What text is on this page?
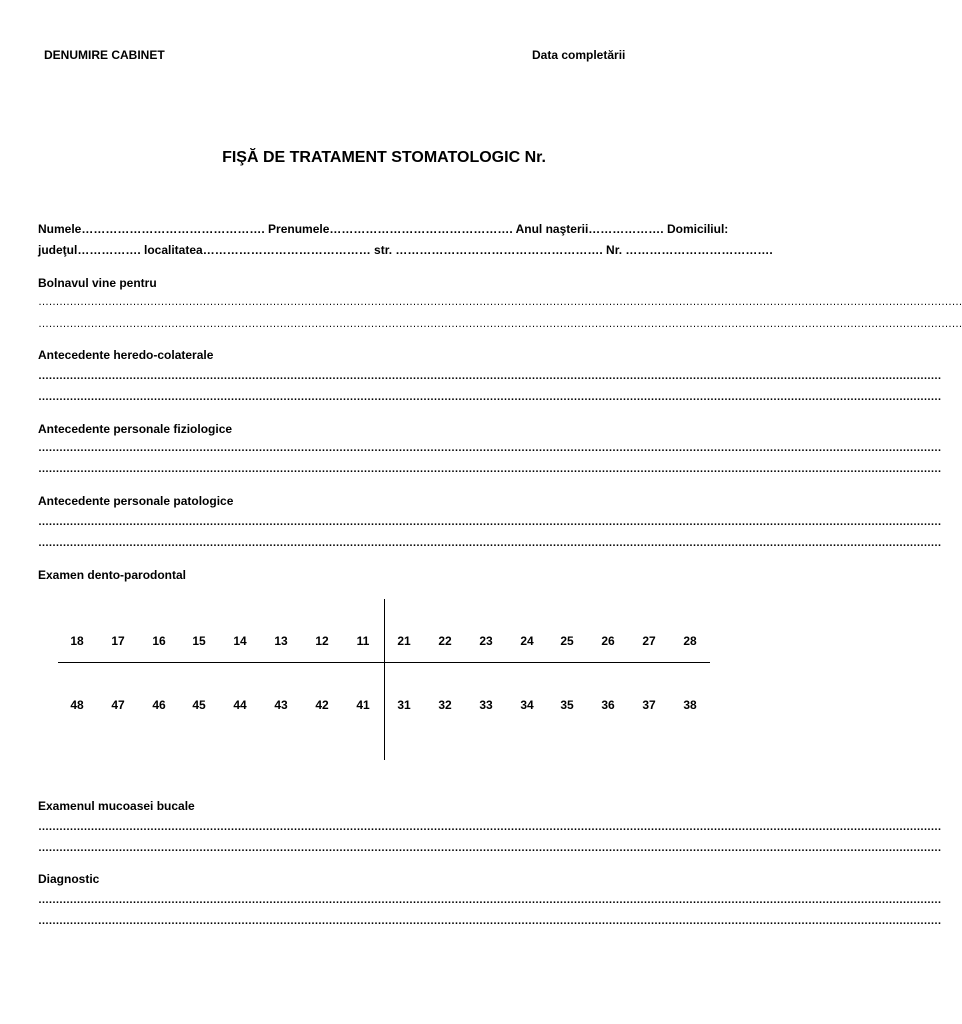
DENUMIRE CABINET	Data completării
FIŞĂ DE TRATAMENT STOMATOLOGIC Nr.
Numele………………………………………. Prenumele………………………………………. Anul naşterii………………. Domiciliul:
judeţul……………. localitatea…………………………………… str. ……………………………………………. Nr. ……………………………….
Bolnavul vine pentru
…………………………………………………………………………………………………………………………………………………………………………………………………………………………………………
…………………………………………………………………………………………………………………………………………………………………………………………………………………………………………
Antecedente heredo-colaterale
……………………………………………………………………………………………………………………………………………………………………………………………………………………………………
……………………………………………………………………………………………………………………………………………………………………………………………………………………………………
Antecedente personale fiziologice
……………………………………………………………………………………………………………………………………………………………………………………………………………………………………
……………………………………………………………………………………………………………………………………………………………………………………………………………………………………
Antecedente personale patologice
……………………………………………………………………………………………………………………………………………………………………………………………………………………………………
……………………………………………………………………………………………………………………………………………………………………………………………………………………………………
Examen dento-parodontal
18	17	16	15	14	13	12	11	21	22	23	24	25	26	27	28
48	47	46	45	44	43	42	41	31	32	33	34	35	36	37	38
Examenul mucoasei bucale
……………………………………………………………………………………………………………………………………………………………………………………………………………………………………
……………………………………………………………………………………………………………………………………………………………………………………………………………………………………
Diagnostic
……………………………………………………………………………………………………………………………………………………………………………………………………………………………………
……………………………………………………………………………………………………………………………………………………………………………………………………………………………………
